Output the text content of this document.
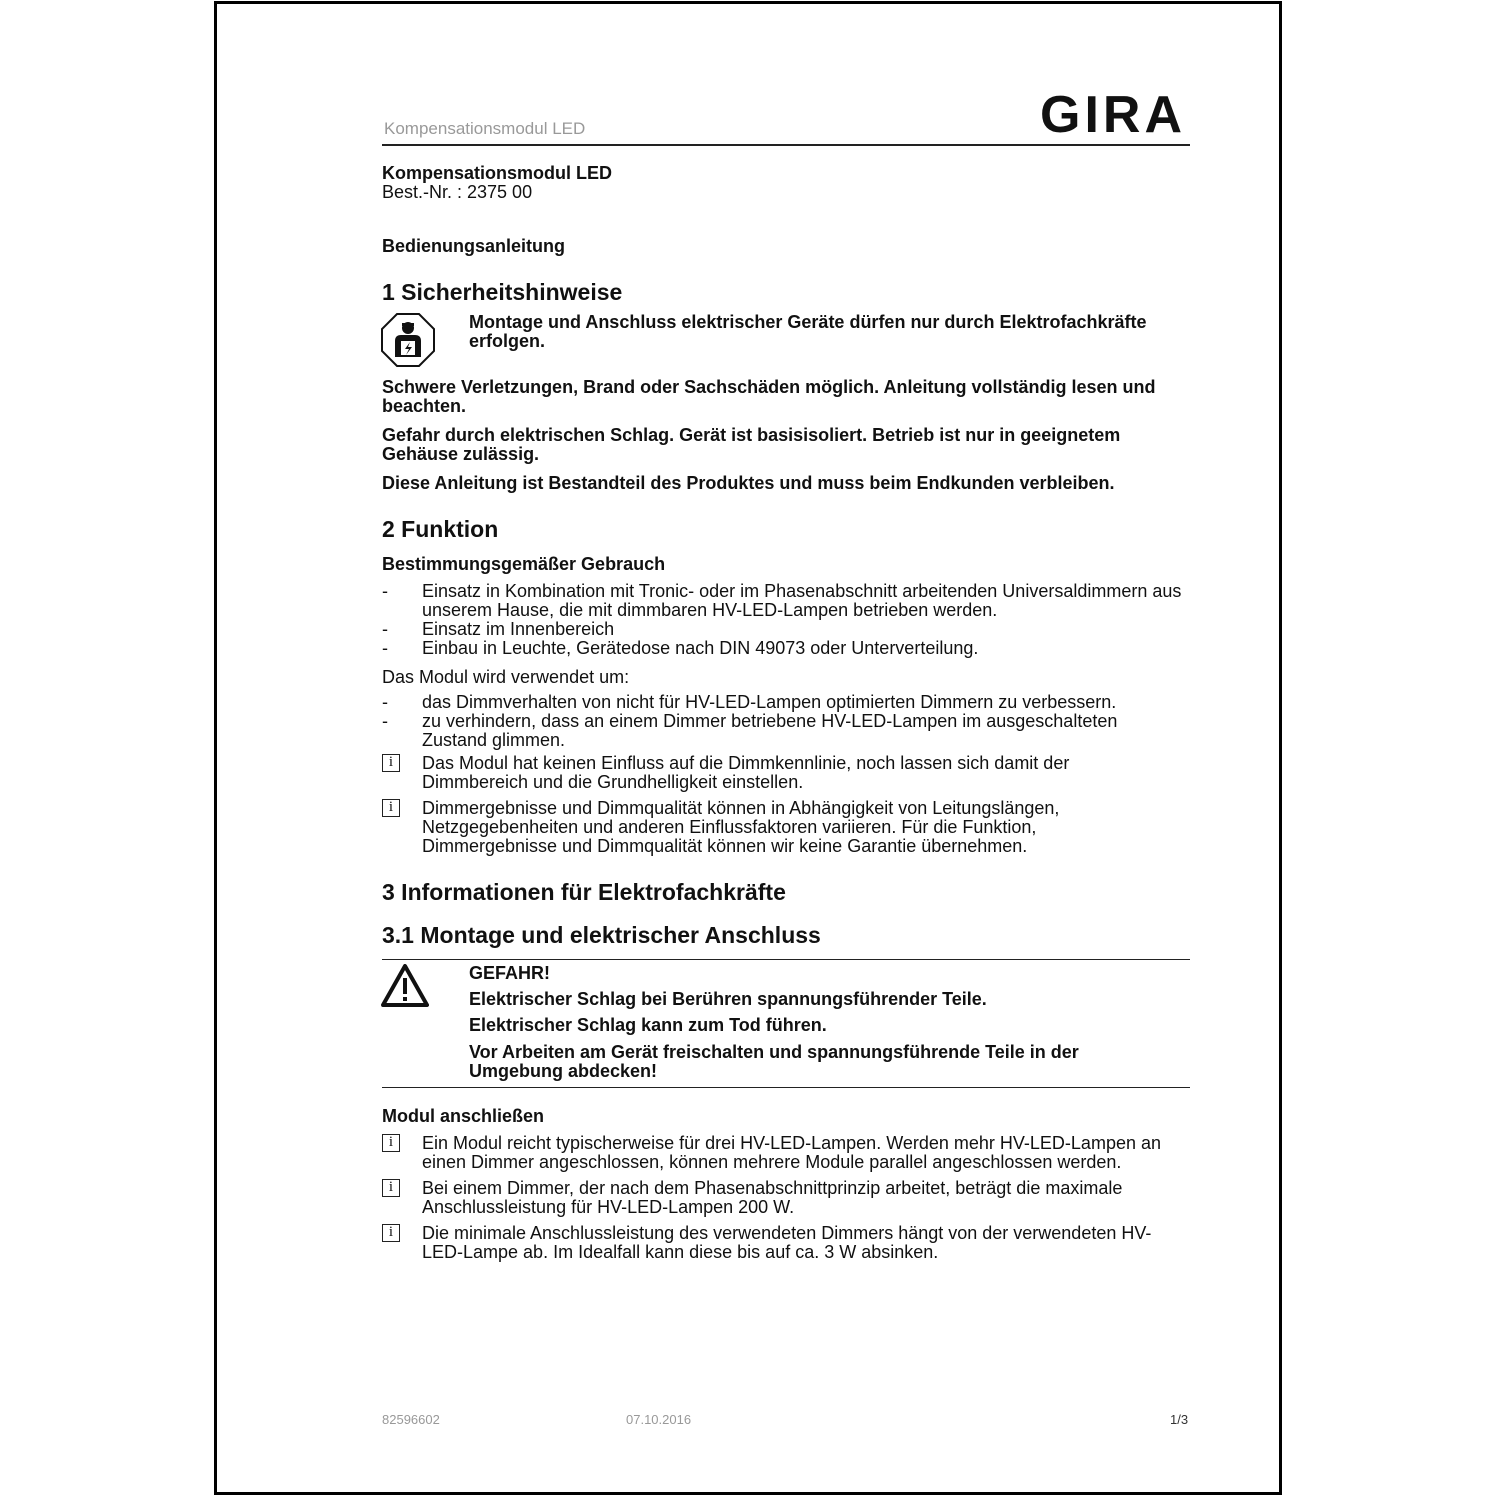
Kompensationsmodul LED	GIRA
Kompensationsmodul LED
Best.-Nr. : 2375 00
Bedienungsanleitung
1 Sicherheitshinweise
Montage und Anschluss elektrischer Geräte dürfen nur durch Elektrofachkräfte erfolgen.
Schwere Verletzungen, Brand oder Sachschäden möglich. Anleitung vollständig lesen und beachten.
Gefahr durch elektrischen Schlag. Gerät ist basisisoliert. Betrieb ist nur in geeignetem Gehäuse zulässig.
Diese Anleitung ist Bestandteil des Produktes und muss beim Endkunden verbleiben.
2 Funktion
Bestimmungsgemäßer Gebrauch
- Einsatz in Kombination mit Tronic- oder im Phasenabschnitt arbeitenden Universaldimmern aus unserem Hause, die mit dimmbaren HV-LED-Lampen betrieben werden.
- Einsatz im Innenbereich
- Einbau in Leuchte, Gerätedose nach DIN 49073 oder Unterverteilung.
Das Modul wird verwendet um:
- das Dimmverhalten von nicht für HV-LED-Lampen optimierten Dimmern zu verbessern.
- zu verhindern, dass an einem Dimmer betriebene HV-LED-Lampen im ausgeschalteten Zustand glimmen.
i	Das Modul hat keinen Einfluss auf die Dimmkennlinie, noch lassen sich damit der Dimmbereich und die Grundhelligkeit einstellen.
i	Dimmergebnisse und Dimmqualität können in Abhängigkeit von Leitungslängen, Netzgegebenheiten und anderen Einflussfaktoren variieren. Für die Funktion, Dimmergebnisse und Dimmqualität können wir keine Garantie übernehmen.
3 Informationen für Elektrofachkräfte
3.1 Montage und elektrischer Anschluss
GEFAHR!
Elektrischer Schlag bei Berühren spannungsführender Teile.
Elektrischer Schlag kann zum Tod führen.
Vor Arbeiten am Gerät freischalten und spannungsführende Teile in der Umgebung abdecken!
Modul anschließen
i	Ein Modul reicht typischerweise für drei HV-LED-Lampen. Werden mehr HV-LED-Lampen an einen Dimmer angeschlossen, können mehrere Module parallel angeschlossen werden.
i	Bei einem Dimmer, der nach dem Phasenabschnittprinzip arbeitet, beträgt die maximale Anschlussleistung für HV-LED-Lampen 200 W.
i	Die minimale Anschlussleistung des verwendeten Dimmers hängt von der verwendeten HV-LED-Lampe ab. Im Idealfall kann diese bis auf ca. 3 W absinken.
82596602	07.10.2016	1/3
